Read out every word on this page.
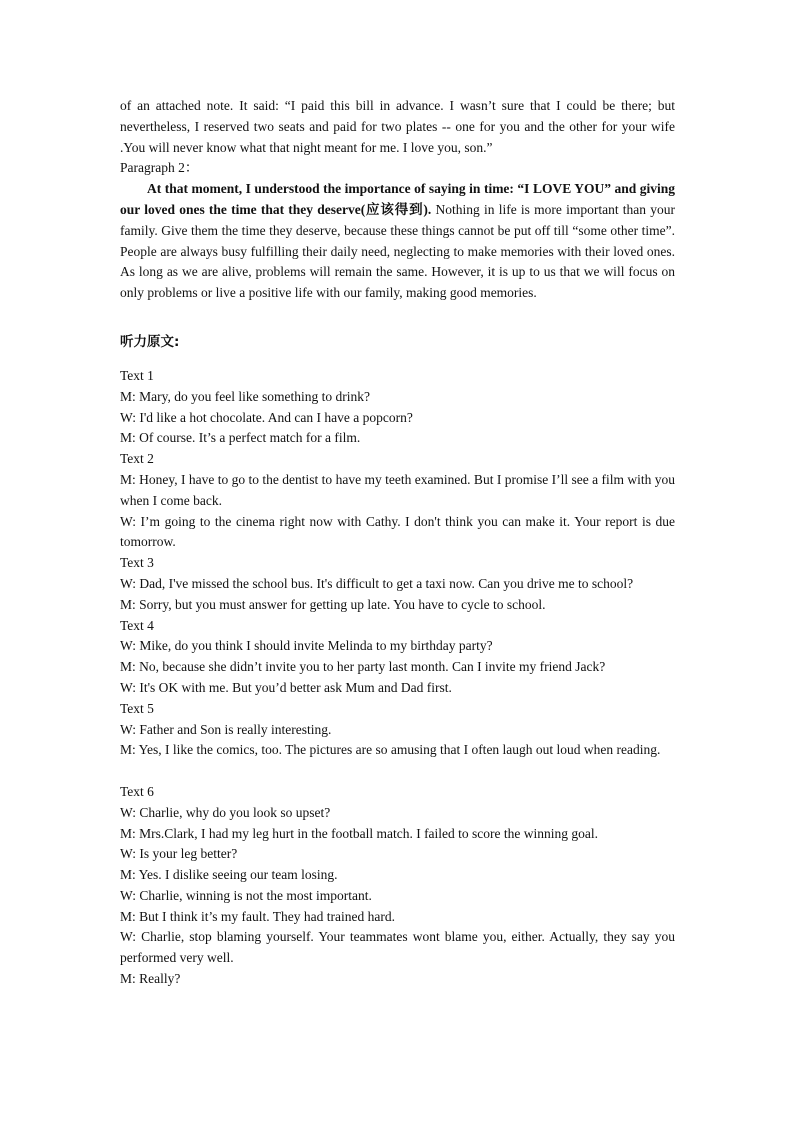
of an attached note. It said: “I paid this bill in advance. I wasn’t sure that I could be there; but nevertheless, I reserved two seats and paid for two plates -- one for you and the other for your wife .You will never know what that night meant for me. I love you, son.”

Paragraph 2：

At that moment, I understood the importance of saying in time: “I LOVE YOU” and giving our loved ones the time that they deserve(应该得到). Nothing in life is more important than your family. Give them the time they deserve, because these things cannot be put off till “some other time”. People are always busy fulfilling their daily need, neglecting to make memories with their loved ones. As long as we are alive, problems will remain the same. However, it is up to us that we will focus on only problems or live a positive life with our family, making good memories.

听力原文:

Text 1

M: Mary, do you feel like something to drink?

W: I'd like a hot chocolate. And can I have a popcorn?

M: Of course. It’s a perfect match for a film.

Text 2

M: Honey, I have to go to the dentist to have my teeth examined. But I promise I’ll see a film with you when I come back.

W: I’m going to the cinema right now with Cathy. I don't think you can make it. Your report is due tomorrow.

Text 3

W: Dad, I've missed the school bus. It's difficult to get a taxi now. Can you drive me to school?

M: Sorry, but you must answer for getting up late. You have to cycle to school.

Text 4

W: Mike, do you think I should invite Melinda to my birthday party?

M: No, because she didn’t invite you to her party last month. Can I invite my friend Jack?

W: It's OK with me. But you’d better ask Mum and Dad first.

Text 5

W: Father and Son is really interesting.

M: Yes, I like the comics, too. The pictures are so amusing that I often laugh out loud when reading.

Text 6

W: Charlie, why do you look so upset?

M: Mrs.Clark, I had my leg hurt in the football match. I failed to score the winning goal.

W: Is your leg better?

M: Yes. I dislike seeing our team losing.

W: Charlie, winning is not the most important.

M: But I think it’s my fault. They had trained hard.

W: Charlie, stop blaming yourself. Your teammates wont blame you, either. Actually, they say you performed very well.

M: Really?
